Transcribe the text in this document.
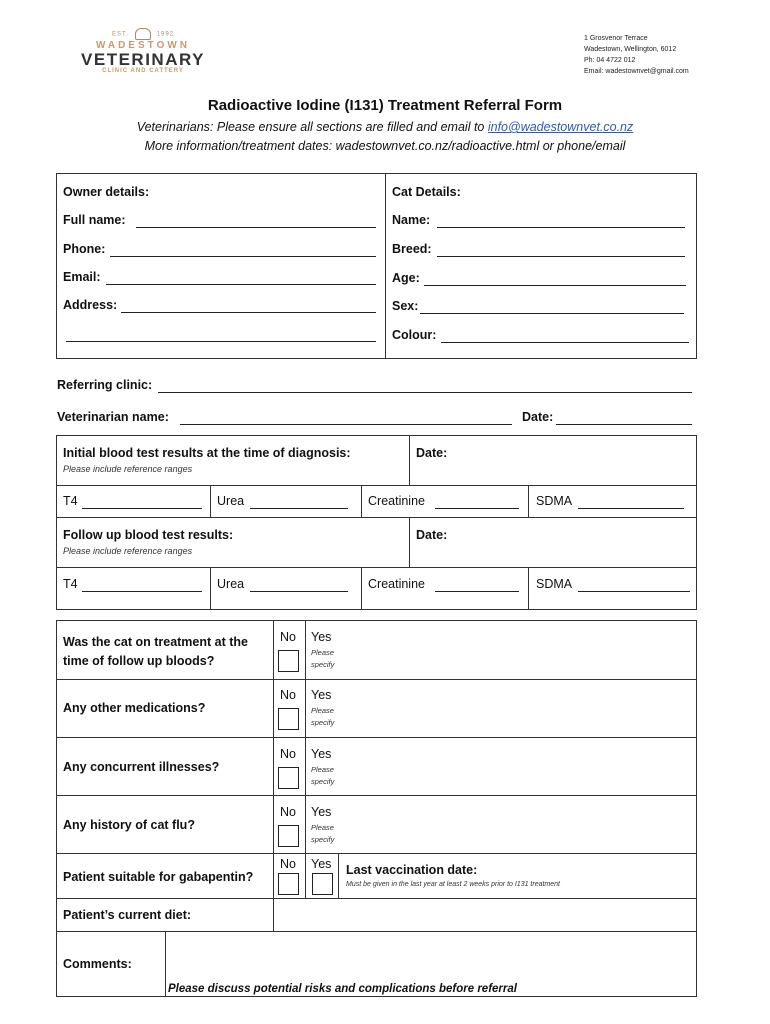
EST.	1992
WADESTOWN
VETERINARY
CLINIC AND CATTERY
1 Grosvenor Terrace
Wadestown, Wellington, 6012
Ph: 04 4722 012
Email: wadestownvet@gmail.com
Radioactive Iodine (I131) Treatment Referral Form
Veterinarians: Please ensure all sections are filled and email to info@wadestownvet.co.nz
More information/treatment dates: wadestownvet.co.nz/radioactive.html or phone/email
Owner details:
Full name:
Phone:
Email:
Address:
Cat Details:
Name:
Breed:
Age:
Sex:
Colour:
Referring clinic:
Veterinarian name:	Date:
Initial blood test results at the time of diagnosis:
Please include reference ranges
Date:
T4	Urea	Creatinine	SDMA
Follow up blood test results:
Please include reference ranges
Date:
T4	Urea	Creatinine	SDMA
Was the cat on treatment at the time of follow up bloods?
No Yes
Please specify
Any other medications?
No Yes
Please specify
Any concurrent illnesses?
No Yes
Please specify
Any history of cat flu?
No Yes
Please specify
Patient suitable for gabapentin?
No Yes Last vaccination date:
Must be given in the last year at least 2 weeks prior to I131 treatment
Patient’s current diet:
Comments:
Please discuss potential risks and complications before referral
